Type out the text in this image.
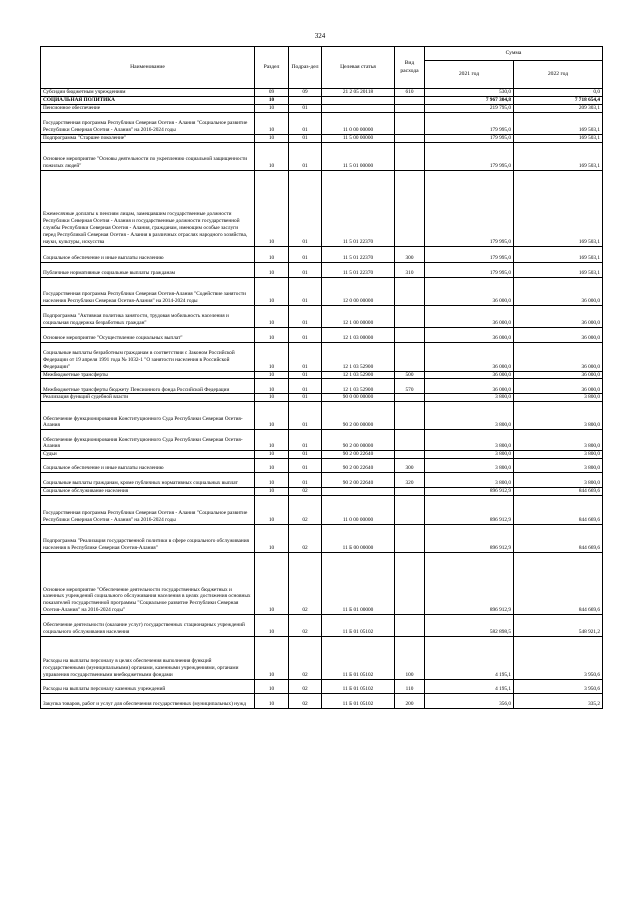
324
Наименование	Раздел	Подраз-дел	Целевая статья	Вид расхода	Сумма	
					2021 год	2022 год
Субсидии бюджетным учреждениям	09	09	21 2 05 20118	610	530,0	0,0
СОЦИАЛЬНАЯ ПОЛИТИКА	10				7 967 304,8	7 718 654,4
Пенсионное обеспечение	10	01			219 795,0	209 303,1
Государственная программа Республики Северная Осетия - Алания "Социальное развитие Республики Северная Осетия - Алания" на 2016-2024 годы	10	01	11 0 00 00000		179 995,0	169 503,1
Подпрограмма "Старшее поколение"	10	01	11 5 00 00000		179 995,0	169 503,1
Основное мероприятие "Основы деятельности по укреплению социальной защищенности пожилых людей"	10	01	11 5 01 00000		179 995,0	169 503,1
Ежемесячные доплаты к пенсиям лицам, замещавшим государственные должности Республики Северная Осетия - Алания и государственные должности государственной службы Республики Северная Осетия - Алания, гражданам, имеющим особые заслуги перед Республикой Северная Осетия - Алания в различных отраслях народного хозяйства, науки, культуры, искусства	10	01	11 5 01 22370		179 995,0	169 503,1
Социальное обеспечение и иные выплаты населению	10	01	11 5 01 22370	300	179 995,0	169 503,1
Публичные нормативные социальные выплаты гражданам	10	01	11 5 01 22370	310	179 995,0	169 503,1
Государственная программа Республики Северная Осетия-Алания "Содействие занятости населения Республики Северная Осетия-Алания" на 2014-2024 годы	10	01	12 0 00 00000		36 000,0	36 000,0
Подпрограмма "Активная политика занятости, трудовая мобильность населения и социальная поддержка безработных граждан"	10	01	12 1 00 00000		36 000,0	36 000,0
Основное мероприятие "Осуществление социальных выплат"	10	01	12 1 03 00000		36 000,0	36 000,0
Социальные выплаты безработным гражданам в соответствии с Законом Российской Федерации от 19 апреля 1991 года № 1032-1 "О занятости населения в Российской Федерации"	10	01	12 1 03 52900		36 000,0	36 000,0
Межбюджетные трансферты	10	01	12 1 03 52900	500	36 000,0	36 000,0
Межбюджетные трансферты бюджету Пенсионного фонда Российской Федерации	10	01	12 1 03 52900	570	36 000,0	36 000,0
Реализация функций судебной власти	10	01	90 0 00 00000		3 800,0	3 800,0
Обеспечение функционирования Конституционного Суда Республики Северная Осетия-Алания	10	01	90 2 00 00000		3 800,0	3 800,0
Обеспечение функционирования Конституционного Суда Республики Северная Осетия-Алания	10	01	90 2 00 00000		3 800,0	3 800,0
Судьи	10	01	90 2 00 22640		3 800,0	3 800,0
Социальное обеспечение и иные выплаты населению	10	01	90 2 00 22640	300	3 800,0	3 800,0
Социальные выплаты гражданам, кроме публичных нормативных социальных выплат	10	01	90 2 00 22640	320	3 800,0	3 800,0
Социальное обслуживание населения	10	02			896 912,9	844 669,6
Государственная программа Республики Северная Осетия - Алания "Социальное развитие Республики Северная Осетия - Алания" на 2016-2024 годы	10	02	11 0 00 00000		896 912,9	844 669,6
Подпрограмма "Реализация государственной политики в сфере социального обслуживания населения в Республике Северная Осетия-Алания"	10	02	11 Б 00 00000		896 912,9	844 669,6
Основное мероприятие "Обеспечение деятельности государственных бюджетных и казенных учреждений социального обслуживания населения в целях достижения основных показателей государственной программы "Социальное развитие Республики Северная Осетия-Алания" на 2016-2024 годы"	10	02	11 Б 01 00000		896 912,9	844 669,6
Обеспечение деятельности (оказание услуг) государственных стационарных учреждений социального обслуживания населения	10	02	11 Б 01 05102		582 898,5	548 921,2
Расходы на выплаты персоналу в целях обеспечения выполнения функций государственными (муниципальными) органами, казенными учреждениями, органами управления государственными внебюджетными фондами	10	02	11 Б 01 05102	100	4 195,1	3 950,6
Расходы на выплаты персоналу казенных учреждений	10	02	11 Б 01 05102	110	4 195,1	3 950,6
Закупка товаров, работ и услуг для обеспечения государственных (муниципальных) нужд	10	02	11 Б 01 05102	200	356,0	335,2
